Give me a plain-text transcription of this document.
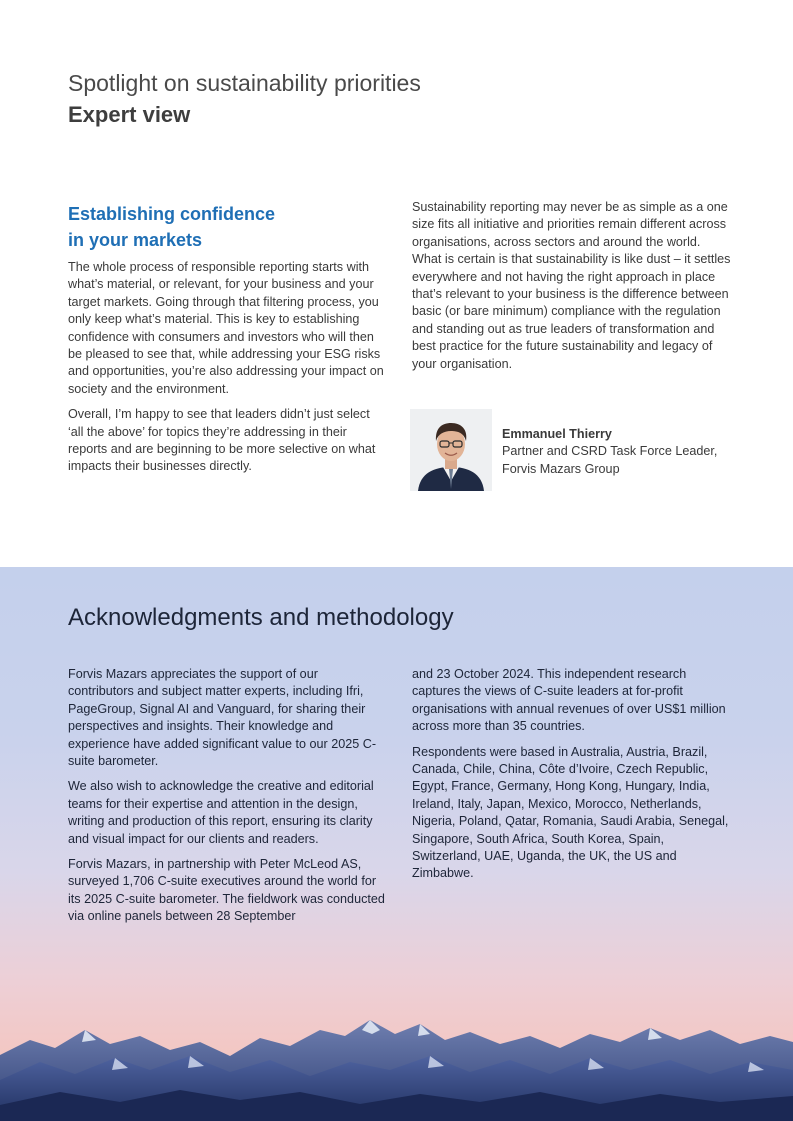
Spotlight on sustainability priorities
Expert view
Establishing confidence
in your markets

The whole process of responsible reporting starts with what’s material, or relevant, for your business and your target markets. Going through that filtering process, you only keep what’s material. This is key to establishing confidence with consumers and investors who will then be pleased to see that, while addressing your ESG risks and opportunities, you’re also addressing your impact on society and the environment.

Overall, I’m happy to see that leaders didn’t just select ‘all the above’ for topics they’re addressing in their reports and are beginning to be more selective on what impacts their businesses directly.

Sustainability reporting may never be as simple as a one size fits all initiative and priorities remain different across organisations, across sectors and around the world. What is certain is that sustainability is like dust – it settles everywhere and not having the right approach in place that’s relevant to your business is the difference between basic (or bare minimum) compliance with the regulation and standing out as true leaders of transformation and best practice for the future sustainability and legacy of your organisation.

Emmanuel Thierry
Partner and CSRD Task Force Leader,
Forvis Mazars Group
Acknowledgments and methodology

Forvis Mazars appreciates the support of our contributors and subject matter experts, including Ifri, PageGroup, Signal AI and Vanguard, for sharing their perspectives and insights. Their knowledge and experience have added significant value to our 2025 C-suite barometer.

We also wish to acknowledge the creative and editorial teams for their expertise and attention in the design, writing and production of this report, ensuring its clarity and visual impact for our clients and readers.

Forvis Mazars, in partnership with Peter McLeod AS, surveyed 1,706 C-suite executives around the world for its 2025 C-suite barometer. The fieldwork was conducted via online panels between 28 September

and 23 October 2024. This independent research captures the views of C-suite leaders at for-profit organisations with annual revenues of over US$1 million across more than 35 countries.

Respondents were based in Australia, Austria, Brazil, Canada, Chile, China, Côte d’Ivoire, Czech Republic, Egypt, France, Germany, Hong Kong, Hungary, India, Ireland, Italy, Japan, Mexico, Morocco, Netherlands, Nigeria, Poland, Qatar, Romania, Saudi Arabia, Senegal, Singapore, South Africa, South Korea, Spain, Switzerland, UAE, Uganda, the UK, the US and Zimbabwe.
